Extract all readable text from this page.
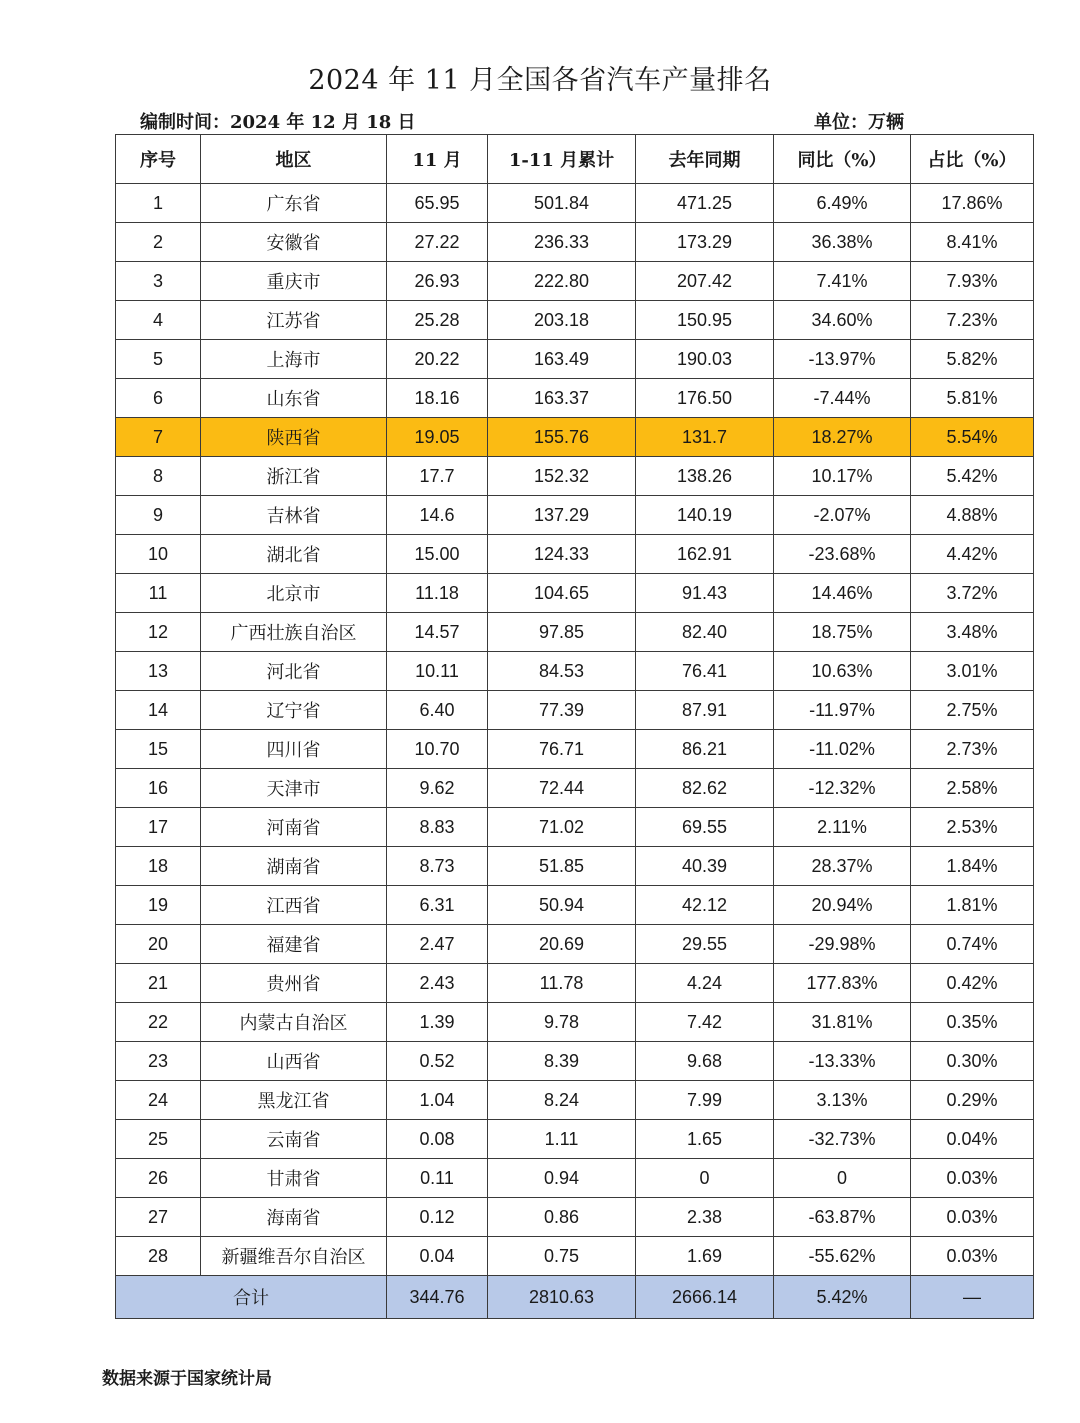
2024 年 11 月全国各省汽车产量排名
编制时间：2024 年 12 月 18 日	单位：万辆
序号	地区	11 月	1-11 月累计	去年同期	同比（%）	占比（%）
1	广东省	65.95	501.84	471.25	6.49%	17.86%
2	安徽省	27.22	236.33	173.29	36.38%	8.41%
3	重庆市	26.93	222.80	207.42	7.41%	7.93%
4	江苏省	25.28	203.18	150.95	34.60%	7.23%
5	上海市	20.22	163.49	190.03	-13.97%	5.82%
6	山东省	18.16	163.37	176.50	-7.44%	5.81%
7	陕西省	19.05	155.76	131.7	18.27%	5.54%
8	浙江省	17.7	152.32	138.26	10.17%	5.42%
9	吉林省	14.6	137.29	140.19	-2.07%	4.88%
10	湖北省	15.00	124.33	162.91	-23.68%	4.42%
11	北京市	11.18	104.65	91.43	14.46%	3.72%
12	广西壮族自治区	14.57	97.85	82.40	18.75%	3.48%
13	河北省	10.11	84.53	76.41	10.63%	3.01%
14	辽宁省	6.40	77.39	87.91	-11.97%	2.75%
15	四川省	10.70	76.71	86.21	-11.02%	2.73%
16	天津市	9.62	72.44	82.62	-12.32%	2.58%
17	河南省	8.83	71.02	69.55	2.11%	2.53%
18	湖南省	8.73	51.85	40.39	28.37%	1.84%
19	江西省	6.31	50.94	42.12	20.94%	1.81%
20	福建省	2.47	20.69	29.55	-29.98%	0.74%
21	贵州省	2.43	11.78	4.24	177.83%	0.42%
22	内蒙古自治区	1.39	9.78	7.42	31.81%	0.35%
23	山西省	0.52	8.39	9.68	-13.33%	0.30%
24	黑龙江省	1.04	8.24	7.99	3.13%	0.29%
25	云南省	0.08	1.11	1.65	-32.73%	0.04%
26	甘肃省	0.11	0.94	0	0	0.03%
27	海南省	0.12	0.86	2.38	-63.87%	0.03%
28	新疆维吾尔自治区	0.04	0.75	1.69	-55.62%	0.03%
合计		344.76	2810.63	2666.14	5.42%	—
数据来源于国家统计局
